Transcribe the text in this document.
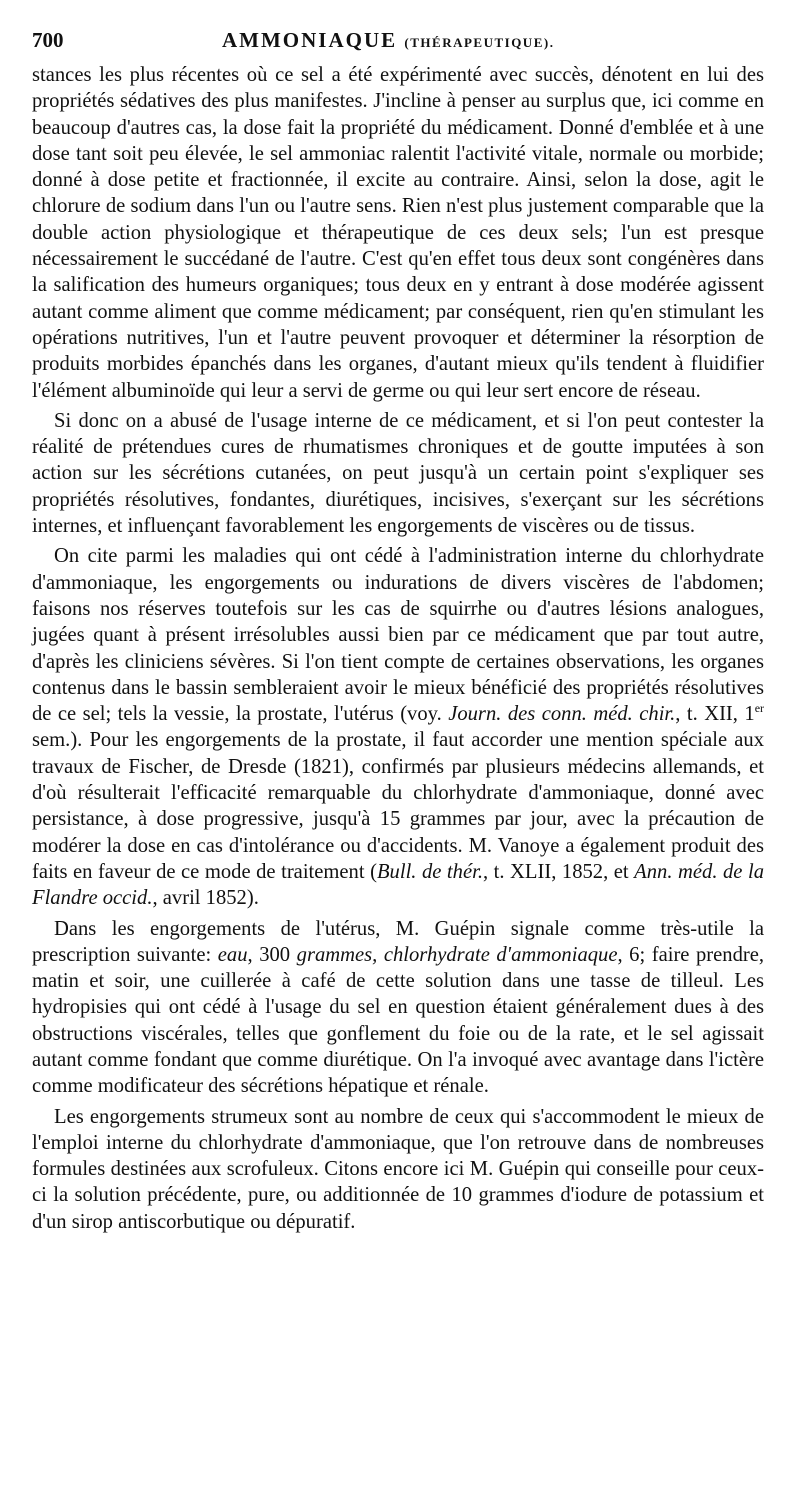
700	AMMONIAQUE (THÉRAPEUTIQUE).

stances les plus récentes où ce sel a été expérimenté avec succès, dénotent en lui des propriétés sédatives des plus manifestes. J'incline à penser au surplus que, ici comme en beaucoup d'autres cas, la dose fait la propriété du médicament. Donné d'emblée et à une dose tant soit peu élevée, le sel ammoniac ralentit l'activité vitale, normale ou morbide; donné à dose petite et fractionnée, il excite au contraire. Ainsi, selon la dose, agit le chlorure de sodium dans l'un ou l'autre sens. Rien n'est plus justement comparable que la double action physiologique et thérapeutique de ces deux sels; l'un est presque nécessairement le succédané de l'autre. C'est qu'en effet tous deux sont congénères dans la salification des humeurs organiques; tous deux en y entrant à dose modérée agissent autant comme aliment que comme médicament; par conséquent, rien qu'en stimulant les opérations nutritives, l'un et l'autre peuvent provoquer et déterminer la résorption de produits morbides épanchés dans les organes, d'autant mieux qu'ils tendent à fluidifier l'élément albuminoïde qui leur a servi de germe ou qui leur sert encore de réseau.

Si donc on a abusé de l'usage interne de ce médicament, et si l'on peut contester la réalité de prétendues cures de rhumatismes chroniques et de goutte imputées à son action sur les sécrétions cutanées, on peut jusqu'à un certain point s'expliquer ses propriétés résolutives, fondantes, diurétiques, incisives, s'exerçant sur les sécrétions internes, et influençant favorablement les engorgements de viscères ou de tissus.

On cite parmi les maladies qui ont cédé à l'administration interne du chlorhydrate d'ammoniaque, les engorgements ou indurations de divers viscères de l'abdomen; faisons nos réserves toutefois sur les cas de squirrhe ou d'autres lésions analogues, jugées quant à présent irrésolubles aussi bien par ce médicament que par tout autre, d'après les cliniciens sévères. Si l'on tient compte de certaines observations, les organes contenus dans le bassin sembleraient avoir le mieux bénéficié des propriétés résolutives de ce sel; tels la vessie, la prostate, l'utérus (voy. Journ. des conn. méd. chir., t. XII, 1er sem.). Pour les engorgements de la prostate, il faut accorder une mention spéciale aux travaux de Fischer, de Dresde (1821), confirmés par plusieurs médecins allemands, et d'où résulterait l'efficacité remarquable du chlorhydrate d'ammoniaque, donné avec persistance, à dose progressive, jusqu'à 15 grammes par jour, avec la précaution de modérer la dose en cas d'intolérance ou d'accidents. M. Vanoye a également produit des faits en faveur de ce mode de traitement (Bull. de thér., t. XLII, 1852, et Ann. méd. de la Flandre occid., avril 1852).

Dans les engorgements de l'utérus, M. Guépin signale comme très-utile la prescription suivante: eau, 300 grammes, chlorhydrate d'ammoniaque, 6; faire prendre, matin et soir, une cuillerée à café de cette solution dans une tasse de tilleul. Les hydropisies qui ont cédé à l'usage du sel en question étaient généralement dues à des obstructions viscérales, telles que gonflement du foie ou de la rate, et le sel agissait autant comme fondant que comme diurétique. On l'a invoqué avec avantage dans l'ictère comme modificateur des sécrétions hépatique et rénale.

Les engorgements strumeux sont au nombre de ceux qui s'accommodent le mieux de l'emploi interne du chlorhydrate d'ammoniaque, que l'on retrouve dans de nombreuses formules destinées aux scrofuleux. Citons encore ici M. Guépin qui conseille pour ceux-ci la solution précédente, pure, ou additionnée de 10 grammes d'iodure de potassium et d'un sirop antiscorbutique ou dépuratif.
